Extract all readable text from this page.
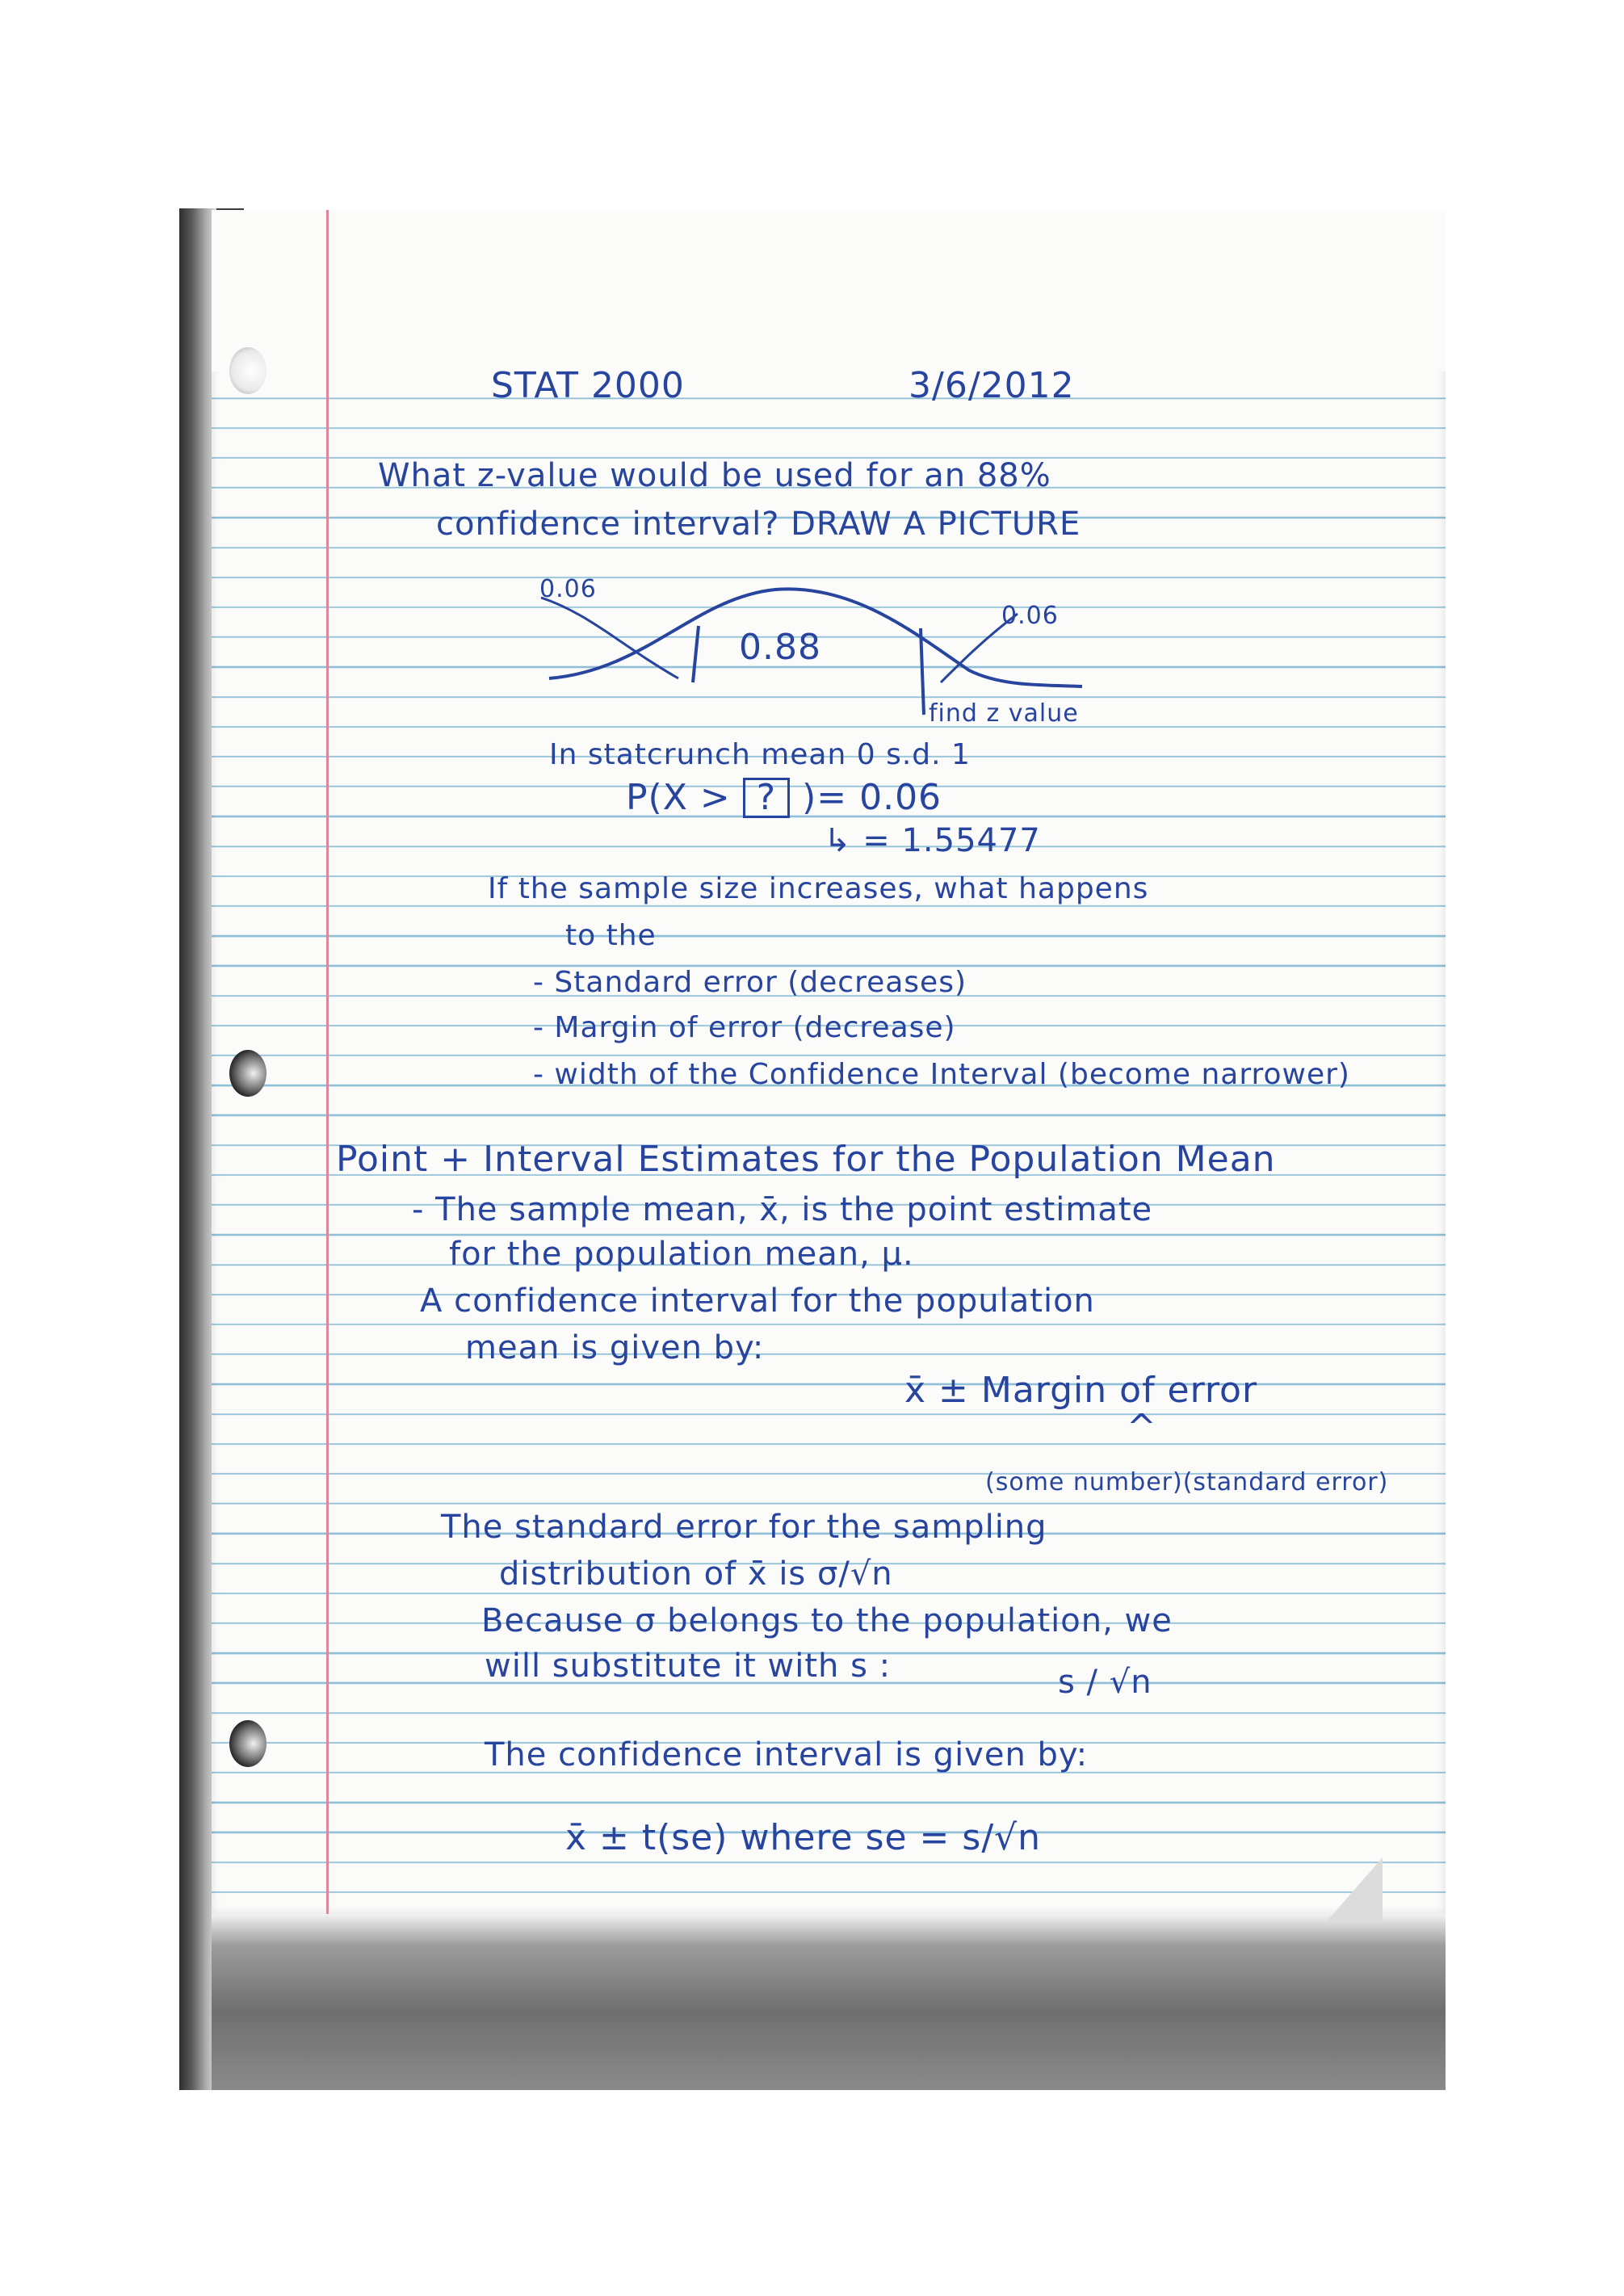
STAT 2000	3/6/2012
What z-value would be used for an 88%
confidence interval? DRAW A PICTURE
0.06
0.88
0.06
find z value
In statcrunch mean 0 s.d. 1
P(X > ? )= 0.06
↳ = 1.55477
If the sample size increases, what happens
to the
- Standard error (decreases)
- Margin of error (decrease)
- width of the Confidence Interval (become narrower)
Point + Interval Estimates for the Population Mean
- The sample mean, x̄, is the point estimate
for the population mean, μ.
A confidence interval for the population
mean is given by:
x̄ ± Margin of error
^
(some number)(standard error)
The standard error for the sampling
distribution of x̄ is σ/√n
Because σ belongs to the population, we
will substitute it with s :	s / √n
The confidence interval is given by:
x̄ ± t(se) where se = s/√n
